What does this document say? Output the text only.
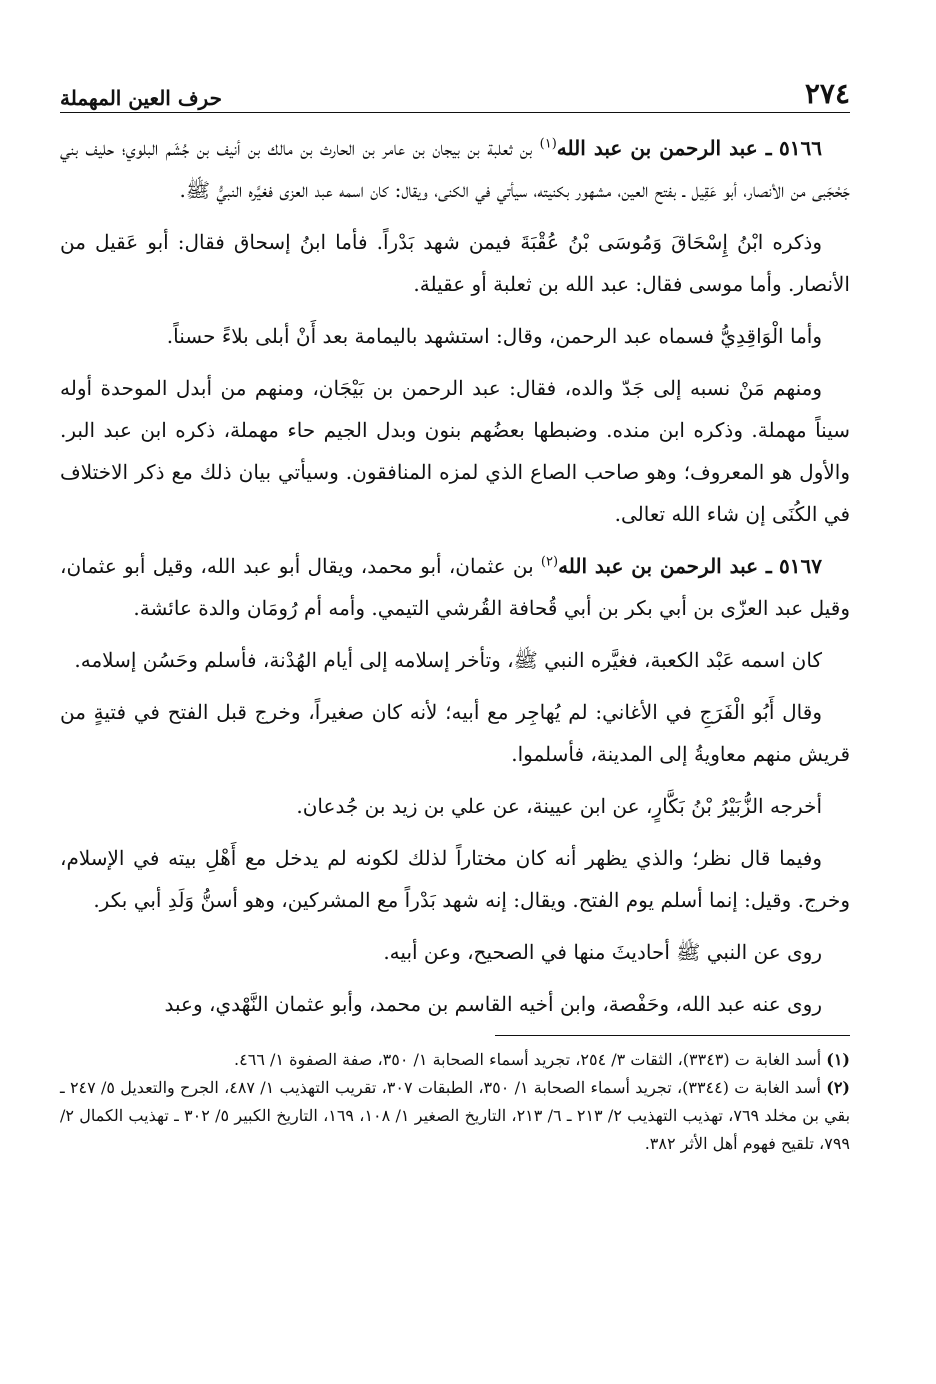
٢٧٤
حرف العين المهملة

٥١٦٦ ـ عبد الرحمن بن عبد الله$^{(١)}$ بن ثعلبة بن بيجان بن عامر بن الحارث بن مالك بن أنيف بن جُشَم البلوي؛ حليف بني جَحْجَبى من الأنصار، أبو عَقِيل ـ بفتح العين، مشهور بكنيته، سيأتي في الكنى، ويقال: كان اسمه عبد العزى فغيَّره النبيُّ ﷺ.

وذكره ابْنُ إِسْحَاقَ وَمُوسَى بْنُ عُقْبَةَ فيمن شهد بَدْراً. فأما ابنُ إسحاق فقال: أبو عَقيل من الأنصار. وأما موسى فقال: عبد الله بن ثعلبة أو عقيلة.

وأما الْوَاقِدِيُّ فسماه عبد الرحمن، وقال: استشهد باليمامة بعد أَنْ أبلى بلاءً حسناً.

ومنهم مَنْ نسبه إلى جَدّ والده، فقال: عبد الرحمن بن بَيْجَان، ومنهم من أبدل الموحدة أوله سيناً مهملة. وذكره ابن منده. وضبطها بعضُهم بنون وبدل الجيم حاء مهملة، ذكره ابن عبد البر. والأول هو المعروف؛ وهو صاحب الصاع الذي لمزه المنافقون. وسيأتي بيان ذلك مع ذكر الاختلاف في الكُنَى إن شاء الله تعالى.

٥١٦٧ ـ عبد الرحمن بن عبد الله$^{(٢)}$ بن عثمان، أبو محمد، ويقال أبو عبد الله، وقيل أبو عثمان، وقيل عبد العزّى بن أبي بكر بن أبي قُحافة القُرشي التيمي. وأمه أم رُومَان والدة عائشة.

كان اسمه عَبْد الكعبة، فغيَّره النبي ﷺ، وتأخر إسلامه إلى أيام الهُدْنة، فأسلم وحَسُن إسلامه.

وقال أَبُو الْفَرَجِ في الأغاني: لم يُهاجِر مع أبيه؛ لأنه كان صغيراً، وخرج قبل الفتح في فتيةٍ من قريش منهم معاويةُ إلى المدينة، فأسلموا.

أخرجه الزُّبَيْرُ بْنُ بَكَّارٍ، عن ابن عيينة، عن علي بن زيد بن جُدعان.

وفيما قال نظر؛ والذي يظهر أنه كان مختاراً لذلك لكونه لم يدخل مع أَهْلِ بيته في الإسلام، وخرج. وقيل: إنما أسلم يوم الفتح. ويقال: إنه شهد بَدْراً مع المشركين، وهو أسنُّ وَلَدِ أبي بكر.

روى عن النبي ﷺ أحاديثَ منها في الصحيح، وعن أبيه.

روى عنه عبد الله، وحَفْصة، وابن أخيه القاسم بن محمد، وأبو عثمان النَّهْدي، وعبد

(١) أسد الغابة ت (٣٣٤٣)، الثقات ٣/ ٢٥٤، تجريد أسماء الصحابة ١/ ٣٥٠، صفة الصفوة ١/ ٤٦٦.

(٢) أسد الغابة ت (٣٣٤٤)، تجريد أسماء الصحابة ١/ ٣٥٠، الطبقات ٣٠٧، تقريب التهذيب ١/ ٤٨٧، الجرح والتعديل ٥/ ٢٤٧ ـ بقي بن مخلد ٧٦٩، تهذيب التهذيب ٢/ ٢١٣ ـ ٦/ ٢١٣، التاريخ الصغير ١/ ١٠٨، ١٦٩، التاريخ الكبير ٥/ ٣٠٢ ـ تهذيب الكمال ٢/ ٧٩٩، تلقيح فهوم أهل الأثر ٣٨٢.
